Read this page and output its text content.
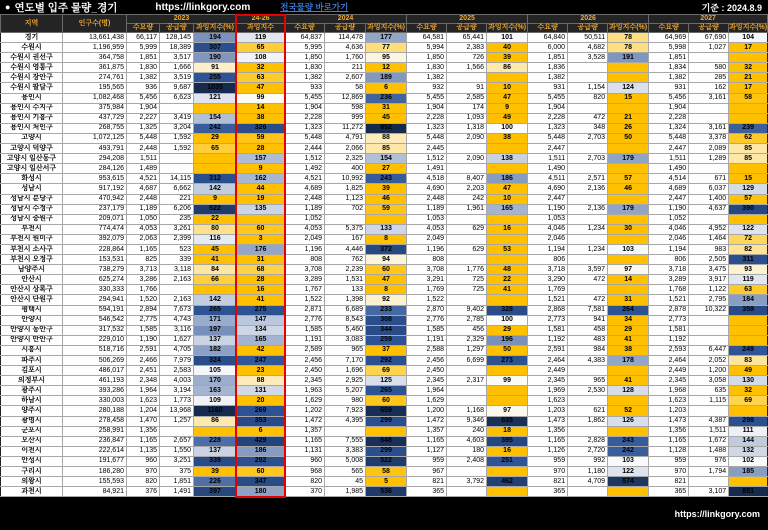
● 연도별 입주 물량_경기	https://linkgory.com	전국물량 바로가기	기준 : 2024.8.9
지역	인구수(명)	2023			24-26	2024			2025			2026			2027		
		수요량	공급량	과잉지수(%)	과잉지수	수요량	공급량	과잉지수(%)	수요량	공급량	과잉지수(%)	수요량	공급량	과잉지수(%)	수요량	공급량	과잉지수(%)
경기	13,661,438	66,117	128,145	194	119	64,837	114,478	177	64,581	65,441	101	64,840	50,511	78	64,969	67,690	104
수원시	1,196,959	5,999	18,389	307	65	5,995	4,636	77	5,994	2,383	40	6,000	4,682	78	5,998	1,027	17
수원시 권선구	364,758	1,851	3,517	190	108	1,850	1,760	95	1,850	726	39	1,851	3,528	191	1,851		
수원시 영통구	361,875	1,830	1,666	91	32	1,830	211	12	1,830	1,566	86	1,836			1,834	580	32
수원시 장안구	274,761	1,382	3,519	255	63	1,382	2,607	189	1,382			1,382			1,382	285	21
수원시 팔달구	195,565	936	9,687	1035	47	933	58	6	932	91	10	931	1,154	124	931	162	17
용인시	1,082,468	5,456	6,623	121	99	5,455	12,869	236	5,455	2,585	47	5,455	820	15	5,456	3,161	58
용인시 수지구	375,984	1,904			14	1,904	598	31	1,904	174	9	1,904			1,904		
용인시 기흥구	437,729	2,227	3,419	154	38	2,228	999	45	2,228	1,093	49	2,228	472	21	2,228		
용인시 처인구	268,755	1,325	3,204	242	326	1,323	11,272	852	1,323	1,318	100	1,323	348	26	1,324	3,161	239
고양시	1,072,125	5,448	1,592	29	59	5,448	4,791	88	5,448	2,090	38	5,448	2,703	50	5,448	3,378	62
고양시 덕양구	493,791	2,448	1,592	65	28	2,444	2,066	85	2,445			2,447			2,447	2,089	85
고양시 일산동구	294,208	1,511			157	1,512	2,325	154	1,512	2,090	138	1,511	2,703	179	1,511	1,289	85
고양시 일산서구	284,126	1,489			9	1,492	400	27	1,491			1,490			1,490		
화성시	953,615	4,521	14,115	312	162	4,521	10,992	243	4,518	8,407	186	4,511	2,571	57	4,514	671	15
성남시	917,192	4,687	6,662	142	44	4,689	1,825	39	4,690	2,203	47	4,690	2,136	46	4,689	6,037	129
성남시 분당구	470,942	2,448	221	9	19	2,448	1,123	46	2,448	242	10	2,447			2,447	1,400	57
성남시 수정구	237,179	1,189	6,206	522	135	1,189	702	59	1,189	1,961	165	1,190	2,136	179	1,190	4,637	390
성남시 중원구	209,071	1,050	235	22		1,052			1,053			1,053			1,052		
부천시	774,474	4,053	3,261	80	60	4,053	5,375	133	4,053	629	16	4,046	1,234	30	4,046	4,952	122
부천시 원미구	392,079	2,063	2,399	116	3	2,049	167	8	2,049			2,046			2,046	1,464	72
부천시 소사구	228,864	1,165	523	45	176	1,196	4,446	372	1,196	629	53	1,194	1,234	103	1,194	983	82
부천시 오정구	153,531	825	339	41	31	808	762	94	808			806			806	2,505	311
남양주시	738,279	3,713	3,118	84	68	3,708	2,239	60	3,708	1,776	48	3,718	3,597	97	3,718	3,475	93
안산시	625,274	3,286	2,163	66	28	3,289	1,531	47	3,291	725	22	3,290	472	14	3,289	3,917	119
안산시 상록구	330,333	1,766			16	1,767	133	8	1,769	725	41	1,769			1,768	1,122	63
안산시 단원구	294,941	1,520	2,163	142	41	1,522	1,398	92	1,522			1,521	472	31	1,521	2,795	184
평택시	594,191	2,894	7,673	265	275	2,871	6,689	233	2,870	9,402	328	2,868	7,581	264	2,878	10,322	359
안양시	546,542	2,775	4,743	171	147	2,776	8,543	308	2,776	2,785	100	2,773	941	34	2,773		
안양시 동안구	317,532	1,585	3,116	197	134	1,585	5,460	344	1,585	456	29	1,581	458	29	1,581		
안양시 만안구	229,010	1,190	1,627	137	165	1,191	3,083	259	1,191	2,329	196	1,192	483	41	1,192		
시흥시	518,716	2,591	4,705	182	42	2,589	965	37	2,588	1,297	50	2,591	984	38	2,593	6,447	249
파주시	506,269	2,466	7,979	324	247	2,456	7,170	292	2,456	6,699	273	2,464	4,383	178	2,464	2,052	83
김포시	486,017	2,451	2,583	105	23	2,450	1,696	69	2,450			2,449			2,449	1,200	49
의정부시	461,193	2,348	4,003	170	88	2,345	2,925	125	2,345	2,317	99	2,345	965	41	2,345	3,058	130
광주시	393,286	1,964	3,194	163	131	1,963	5,207	265	1,964			1,969	2,530	128	1,968	635	32
하남시	330,003	1,623	1,773	109	20	1,629	980	60	1,629			1,623			1,623	1,115	69
양주시	280,188	1,204	13,968	1160	269	1,202	7,923	659	1,200	1,168	97	1,203	621	52	1,203		
광명시	278,458	1,470	1,257	86	353	1,472	4,395	299	1,472	9,346	635	1,473	1,862	126	1,473	4,387	298
군포시	258,991	1,356			6	1,357			1,357	240	18	1,356			1,356	1,511	111
오산시	236,847	1,165	2,657	228	429	1,165	7,555	648	1,165	4,603	395	1,165	2,828	243	1,165	1,672	144
이천시	222,614	1,135	1,550	137	186	1,131	3,383	299	1,127	180	16	1,126	2,720	242	1,128	1,488	132
안성시	191,677	960	3,251	339	292	960	5,008	522	959	2,408	251	959	992	103	959	976	102
구리시	186,280	970	375	39	60	968	565	58	967			970	1,180	122	970	1,794	185
의왕시	155,593	820	1,851	226	347	820	45	5	821	3,792	462	821	4,709	574	821		
과천시	84,921	376	1,491	397	180	370	1,985	536	365			365			365	3,107	851
https://linkgory.com
